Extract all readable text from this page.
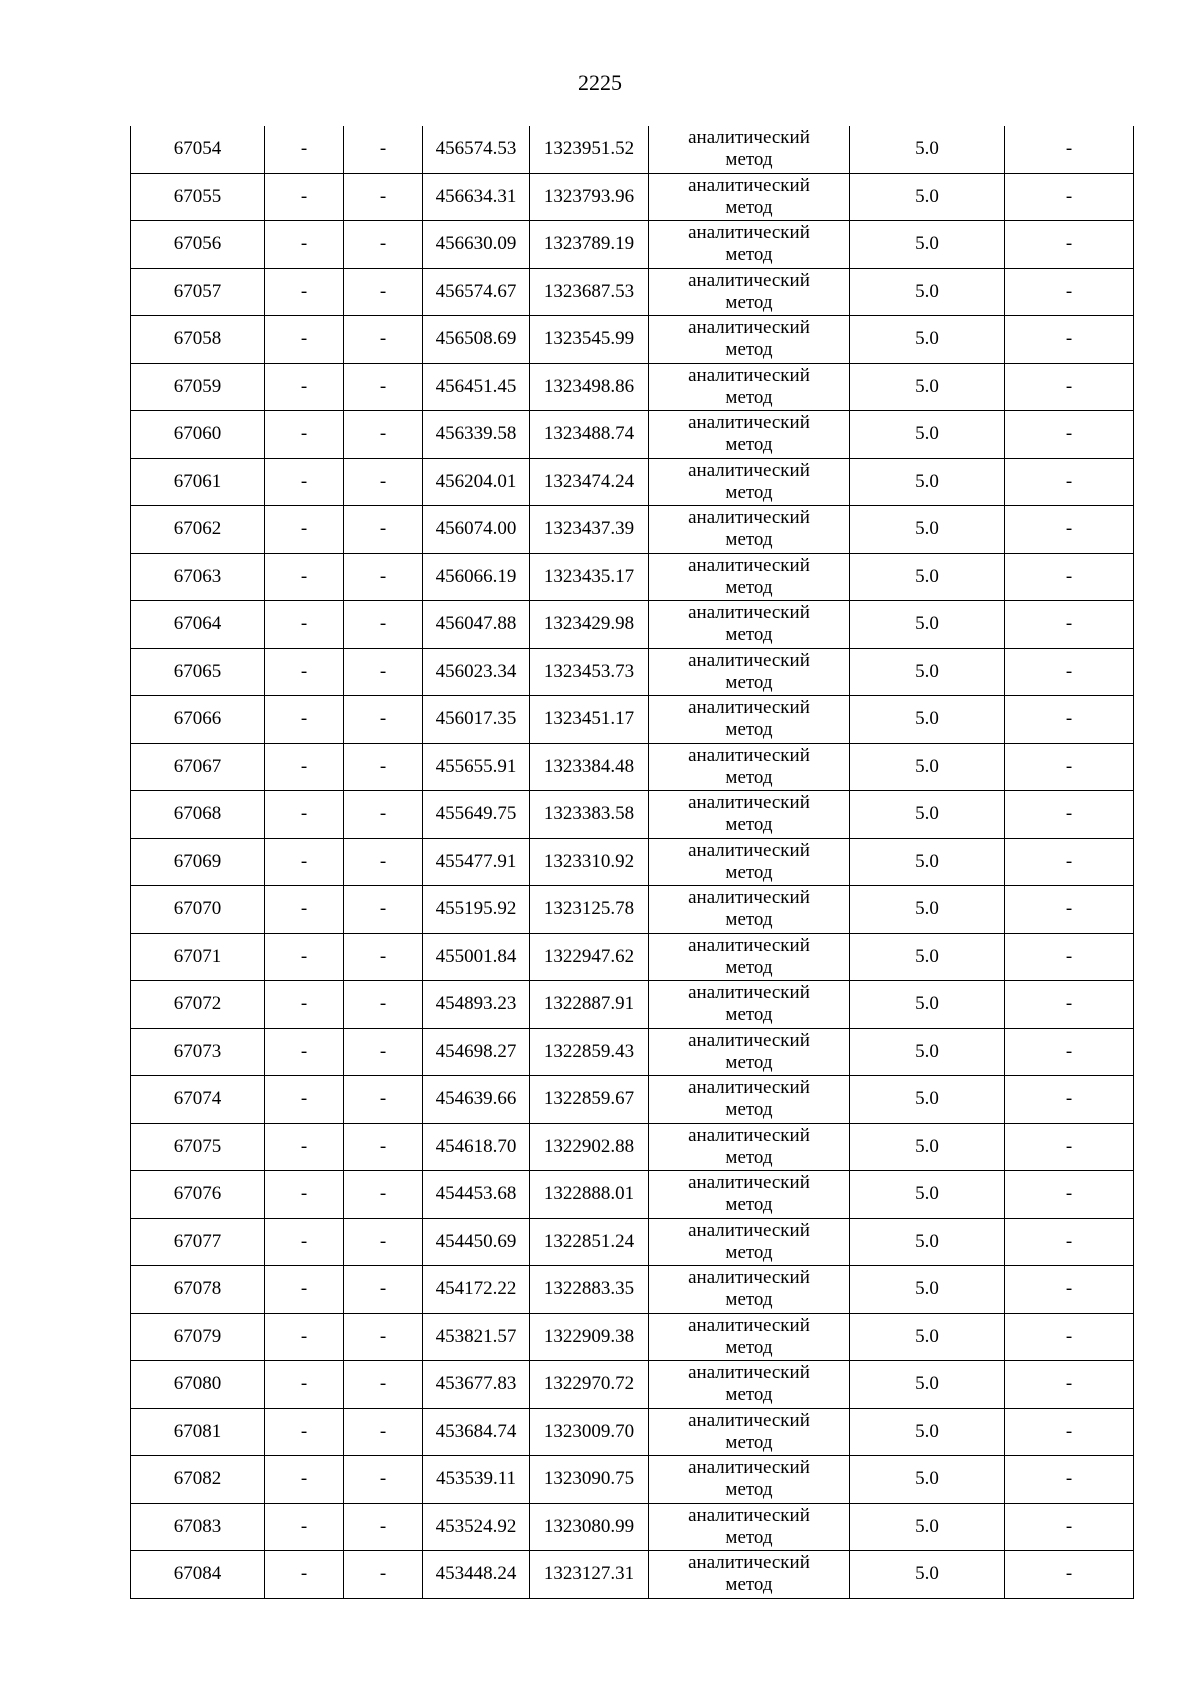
2225
67054	-	-	456574.53	1323951.52	аналитический
метод	5.0	-
67055	-	-	456634.31	1323793.96	аналитический
метод	5.0	-
67056	-	-	456630.09	1323789.19	аналитический
метод	5.0	-
67057	-	-	456574.67	1323687.53	аналитический
метод	5.0	-
67058	-	-	456508.69	1323545.99	аналитический
метод	5.0	-
67059	-	-	456451.45	1323498.86	аналитический
метод	5.0	-
67060	-	-	456339.58	1323488.74	аналитический
метод	5.0	-
67061	-	-	456204.01	1323474.24	аналитический
метод	5.0	-
67062	-	-	456074.00	1323437.39	аналитический
метод	5.0	-
67063	-	-	456066.19	1323435.17	аналитический
метод	5.0	-
67064	-	-	456047.88	1323429.98	аналитический
метод	5.0	-
67065	-	-	456023.34	1323453.73	аналитический
метод	5.0	-
67066	-	-	456017.35	1323451.17	аналитический
метод	5.0	-
67067	-	-	455655.91	1323384.48	аналитический
метод	5.0	-
67068	-	-	455649.75	1323383.58	аналитический
метод	5.0	-
67069	-	-	455477.91	1323310.92	аналитический
метод	5.0	-
67070	-	-	455195.92	1323125.78	аналитический
метод	5.0	-
67071	-	-	455001.84	1322947.62	аналитический
метод	5.0	-
67072	-	-	454893.23	1322887.91	аналитический
метод	5.0	-
67073	-	-	454698.27	1322859.43	аналитический
метод	5.0	-
67074	-	-	454639.66	1322859.67	аналитический
метод	5.0	-
67075	-	-	454618.70	1322902.88	аналитический
метод	5.0	-
67076	-	-	454453.68	1322888.01	аналитический
метод	5.0	-
67077	-	-	454450.69	1322851.24	аналитический
метод	5.0	-
67078	-	-	454172.22	1322883.35	аналитический
метод	5.0	-
67079	-	-	453821.57	1322909.38	аналитический
метод	5.0	-
67080	-	-	453677.83	1322970.72	аналитический
метод	5.0	-
67081	-	-	453684.74	1323009.70	аналитический
метод	5.0	-
67082	-	-	453539.11	1323090.75	аналитический
метод	5.0	-
67083	-	-	453524.92	1323080.99	аналитический
метод	5.0	-
67084	-	-	453448.24	1323127.31	аналитический
метод	5.0	-
